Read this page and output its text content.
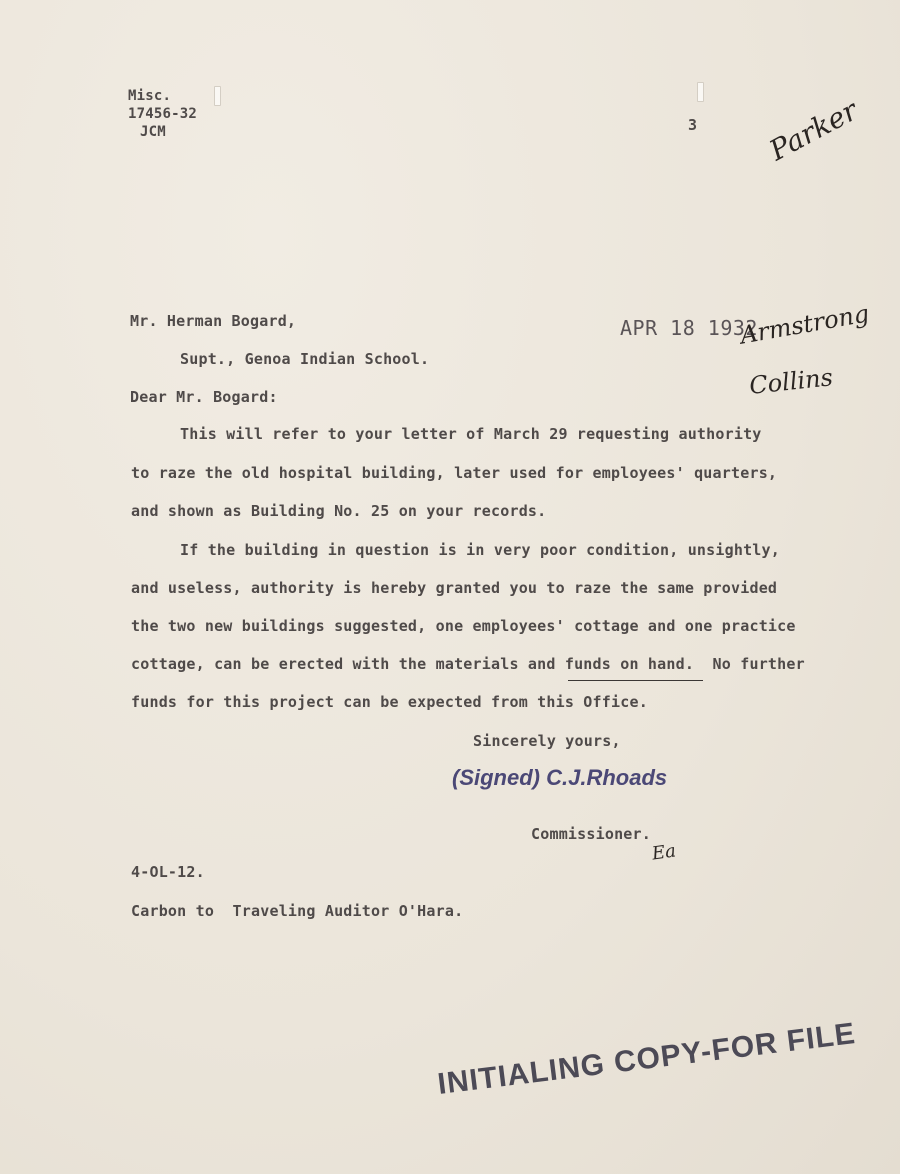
Misc.
17456-32
JCM	3 Parker
APR 18 1932
Armstrong
Collins
Mr. Herman Bogard,
Supt., Genoa Indian School.
Dear Mr. Bogard:
This will refer to your letter of March 29 requesting authority
to raze the old hospital building, later used for employees' quarters,
and shown as Building No. 25 on your records.
If the building in question is in very poor condition, unsightly,
and useless, authority is hereby granted you to raze the same provided
the two new buildings suggested, one employees' cottage and one practice
cottage, can be erected with the materials and funds on hand.  No further
funds for this project can be expected from this Office.
Sincerely yours,
(Signed) C.J.Rhoads
Commissioner.
Ea
4-OL-12.
Carbon to  Traveling Auditor O'Hara.
INITIALING COPY-FOR FILE
